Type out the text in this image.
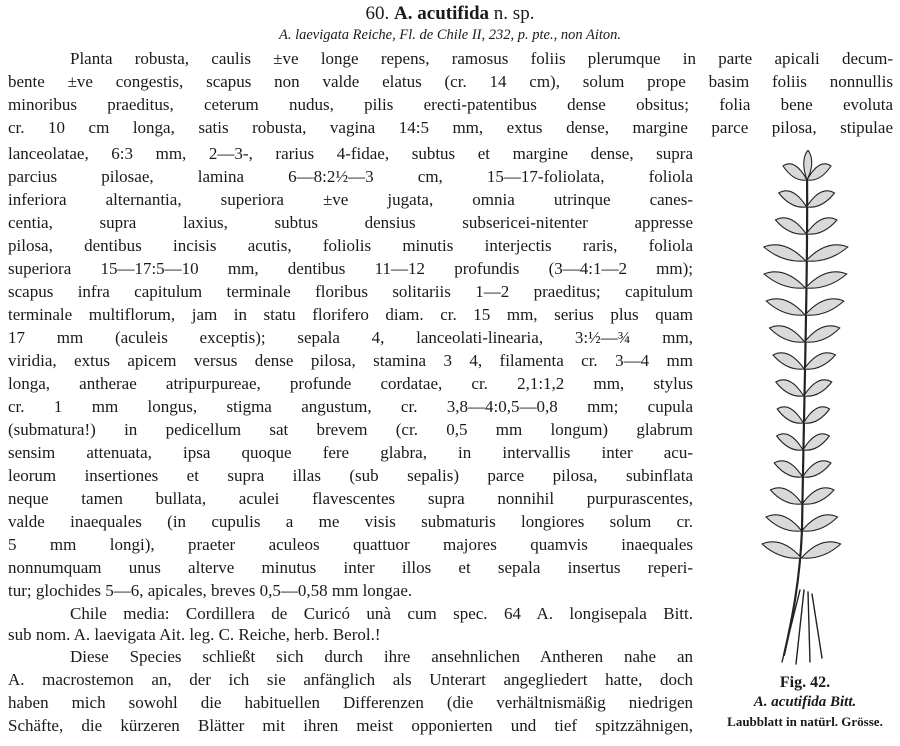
60. A. acutifida n. sp.
A. laevigata Reiche, Fl. de Chile II, 232, p. pte., non Aiton.
Planta robusta, caulis ±ve longe repens, ramosus foliis plerumque in parte apicali decum-
bente ±ve congestis, scapus non valde elatus (cr. 14 cm), solum prope basim foliis nonnullis
minoribus praeditus, ceterum nudus, pilis erecti-patentibus dense obsitus; folia bene evoluta
cr. 10 cm longa, satis robusta, vagina 14:5 mm, extus dense, margine parce pilosa, stipulae
lanceolatae, 6:3 mm, 2—3-, rarius 4-fidae, subtus et margine dense, supra
parcius pilosae, lamina 6—8:2½—3 cm, 15—17-foliolata, foliola
inferiora alternantia, superiora ±ve jugata, omnia utrinque canes-
centia, supra laxius, subtus densius subsericei-nitenter appresse
pilosa, dentibus incisis acutis, foliolis minutis interjectis raris, foliola
superiora 15—17:5—10 mm, dentibus 11—12 profundis (3—4:1—2 mm);
scapus infra capitulum terminale floribus solitariis 1—2 praeditus; capitulum
terminale multiflorum, jam in statu florifero diam. cr. 15 mm, serius plus quam
17 mm (aculeis exceptis); sepala 4, lanceolati-linearia, 3:½—¾ mm,
viridia, extus apicem versus dense pilosa, stamina 3 4, filamenta cr. 3—4 mm
longa, antherae atripurpureae, profunde cordatae, cr. 2,1:1,2 mm, stylus
cr. 1 mm longus, stigma angustum, cr. 3,8—4:0,5—0,8 mm; cupula
(submatura!) in pedicellum sat brevem (cr. 0,5 mm longum) glabrum
sensim attenuata, ipsa quoque fere glabra, in intervallis inter acu-
leorum insertiones et supra illas (sub sepalis) parce pilosa, subinflata
neque tamen bullata, aculei flavescentes supra nonnihil purpurascentes,
valde inaequales (in cupulis a me visis submaturis longiores solum cr.
5 mm longi), praeter aculeos quattuor majores quamvis inaequales
nonnumquam unus alterve minutus inter illos et sepala insertus reperi-
tur; glochides 5—6, apicales, breves 0,5—0,58 mm longae.
Chile media: Cordillera de Curicó unà cum spec. 64 A. longisepala Bitt.
sub nom. A. laevigata Ait. leg. C. Reiche, herb. Berol.!
Diese Species schließt sich durch ihre ansehnlichen Antheren nahe an
A. macrostemon an, der ich sie anfänglich als Unterart angegliedert hatte, doch
haben mich sowohl die habituellen Differenzen (die verhältnismäßig niedrigen
Schäfte, die kürzeren Blätter mit ihren meist opponierten und tief spitzzähnigen,
Fig. 42.
A. acutifida Bitt.
Laubblatt in natürl. Grösse.
